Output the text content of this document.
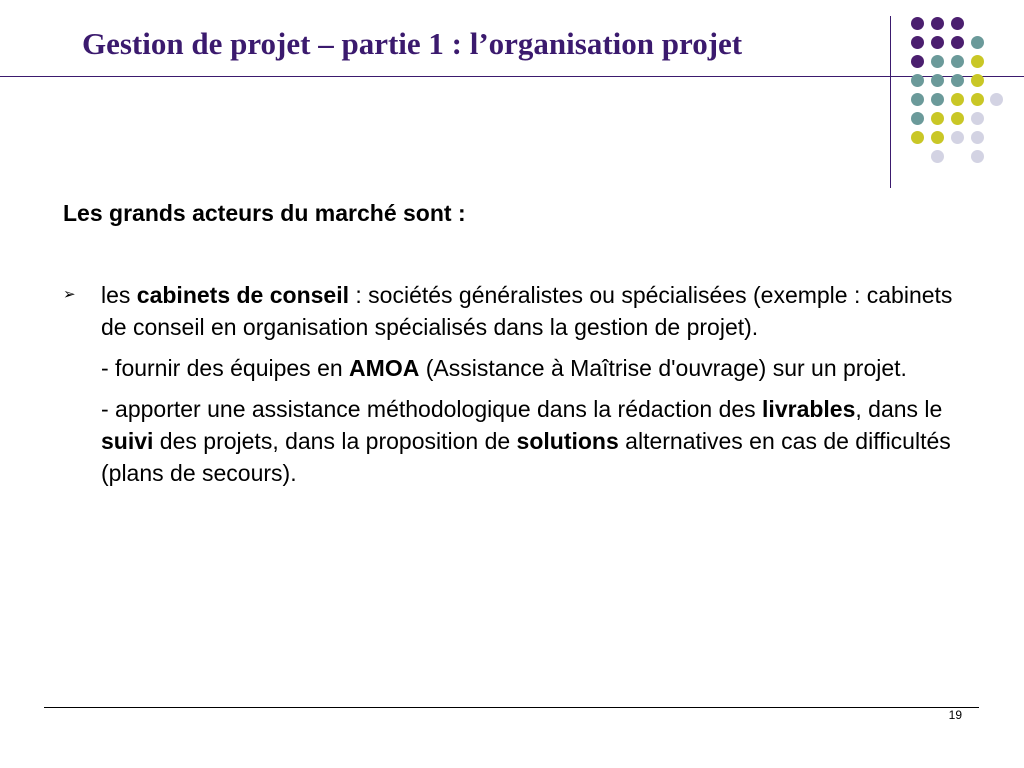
Gestion de projet – partie 1 : l’organisation projet

Les grands acteurs du marché sont :

➢ les cabinets de conseil : sociétés généralistes ou spécialisées (exemple : cabinets de conseil en organisation spécialisés dans la gestion de projet).

- fournir des équipes en AMOA (Assistance à Maîtrise d'ouvrage) sur un projet.

- apporter une assistance méthodologique dans la rédaction des livrables, dans le suivi des projets, dans la proposition de solutions alternatives en cas de difficultés (plans de secours).

19
